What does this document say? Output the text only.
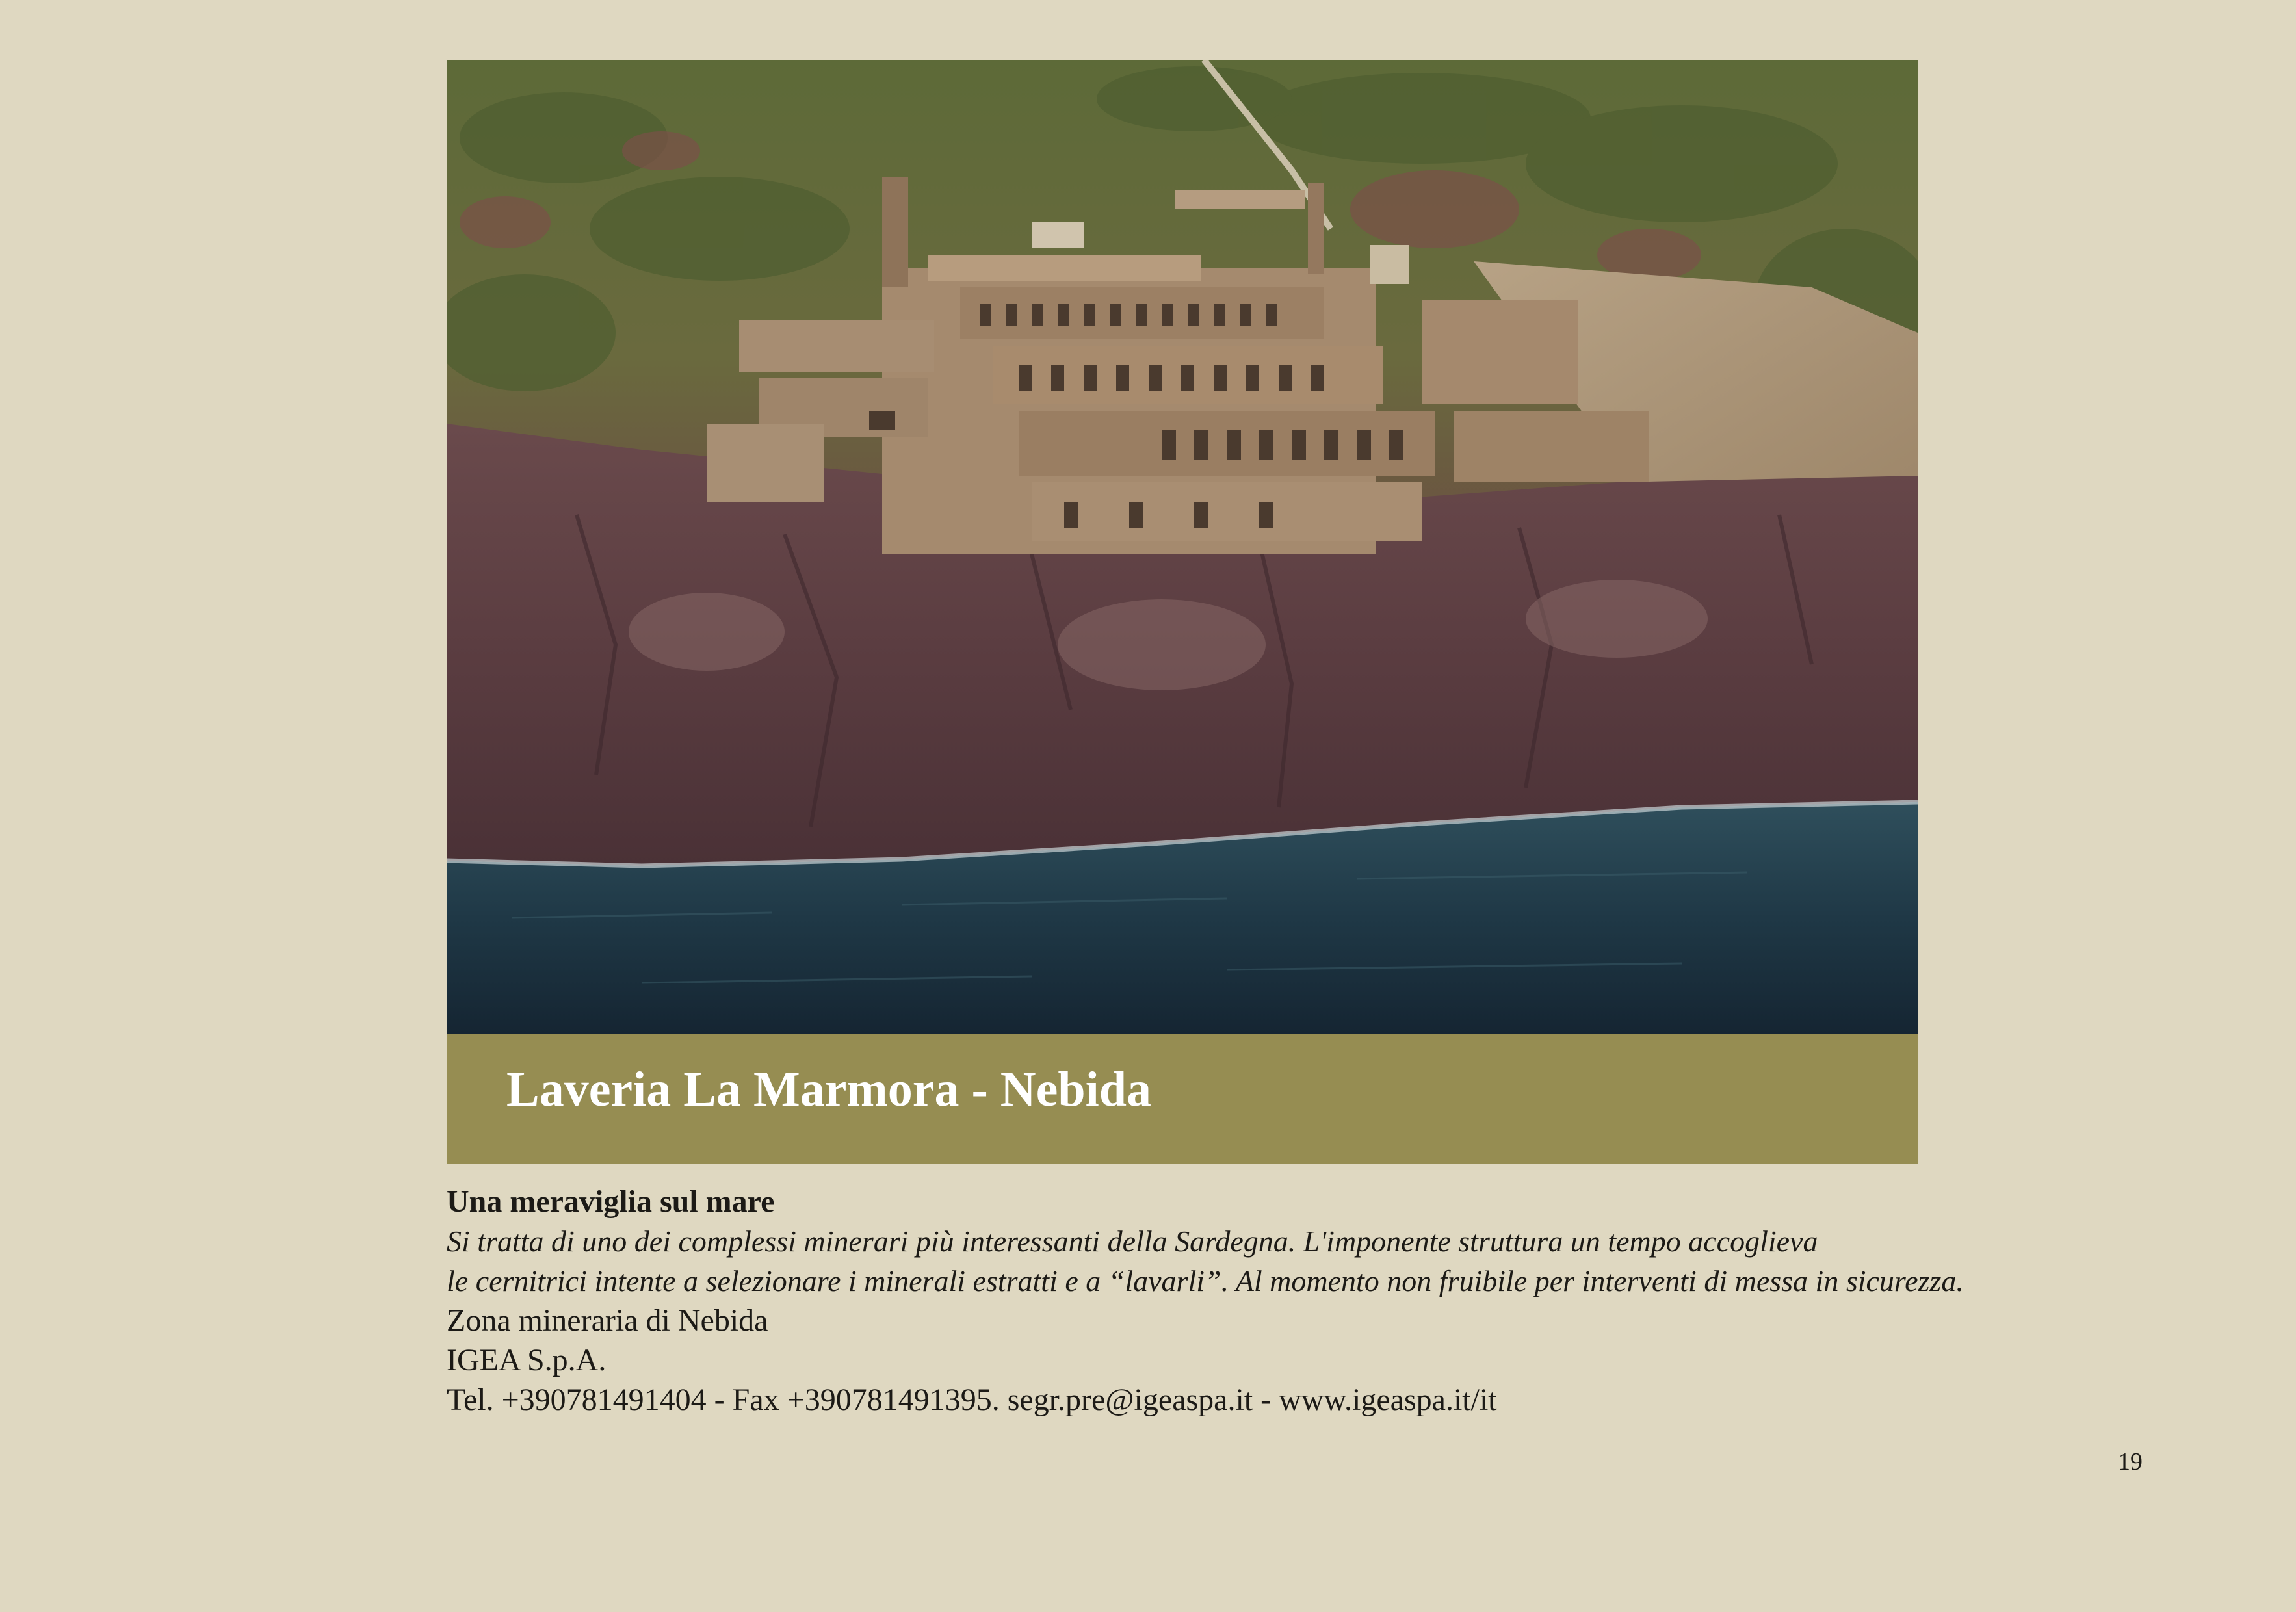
Laveria La Marmora - Nebida
Una meraviglia sul mare
Si tratta di uno dei complessi minerari più interessanti della Sardegna. L'imponente struttura un tempo accoglieva
le cernitrici intente a selezionare i minerali estratti e a “lavarli”. Al momento non fruibile per interventi di messa in sicurezza.
Zona mineraria di Nebida
IGEA S.p.A.
Tel. +390781491404 - Fax +390781491395. segr.pre@igeaspa.it - www.igeaspa.it/it
19
